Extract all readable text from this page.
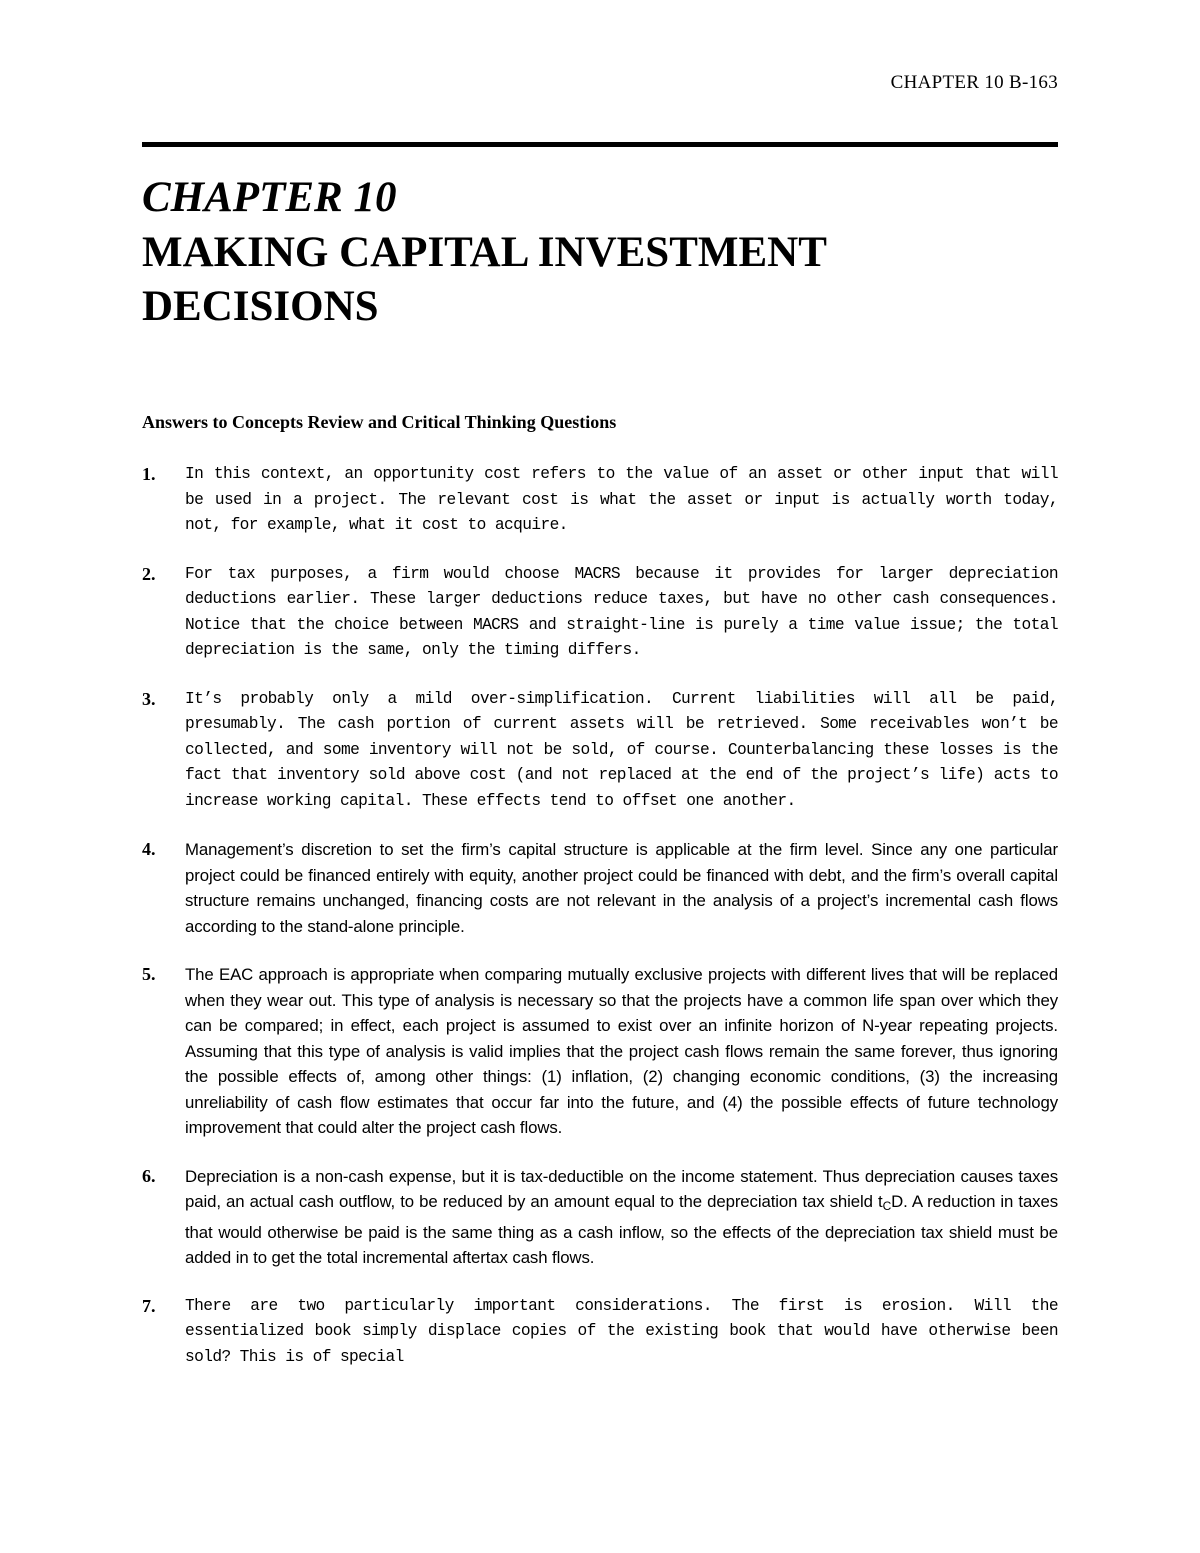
CHAPTER 10 B-163
CHAPTER 10
MAKING CAPITAL INVESTMENT DECISIONS
Answers to Concepts Review and Critical Thinking Questions
1.	In this context, an opportunity cost refers to the value of an asset or other input that will be used in a project. The relevant cost is what the asset or input is actually worth today, not, for example, what it cost to acquire.
2.	For tax purposes, a firm would choose MACRS because it provides for larger depreciation deductions earlier. These larger deductions reduce taxes, but have no other cash consequences. Notice that the choice between MACRS and straight-line is purely a time value issue; the total depreciation is the same, only the timing differs.
3.	It’s probably only a mild over-simplification. Current liabilities will all be paid, presumably. The cash portion of current assets will be retrieved. Some receivables won’t be collected, and some inventory will not be sold, of course. Counterbalancing these losses is the fact that inventory sold above cost (and not replaced at the end of the project’s life) acts to increase working capital. These effects tend to offset one another.
4.	Management’s discretion to set the firm’s capital structure is applicable at the firm level. Since any one particular project could be financed entirely with equity, another project could be financed with debt, and the firm’s overall capital structure remains unchanged, financing costs are not relevant in the analysis of a project’s incremental cash flows according to the stand-alone principle.
5.	The EAC approach is appropriate when comparing mutually exclusive projects with different lives that will be replaced when they wear out. This type of analysis is necessary so that the projects have a common life span over which they can be compared; in effect, each project is assumed to exist over an infinite horizon of N-year repeating projects. Assuming that this type of analysis is valid implies that the project cash flows remain the same forever, thus ignoring the possible effects of, among other things: (1) inflation, (2) changing economic conditions, (3) the increasing unreliability of cash flow estimates that occur far into the future, and (4) the possible effects of future technology improvement that could alter the project cash flows.
6.	Depreciation is a non-cash expense, but it is tax-deductible on the income statement. Thus depreciation causes taxes paid, an actual cash outflow, to be reduced by an amount equal to the depreciation tax shield $t_CD$. A reduction in taxes that would otherwise be paid is the same thing as a cash inflow, so the effects of the depreciation tax shield must be added in to get the total incremental aftertax cash flows.
7.	There are two particularly important considerations. The first is erosion. Will the essentialized book simply displace copies of the existing book that would have otherwise been sold? This is of special
